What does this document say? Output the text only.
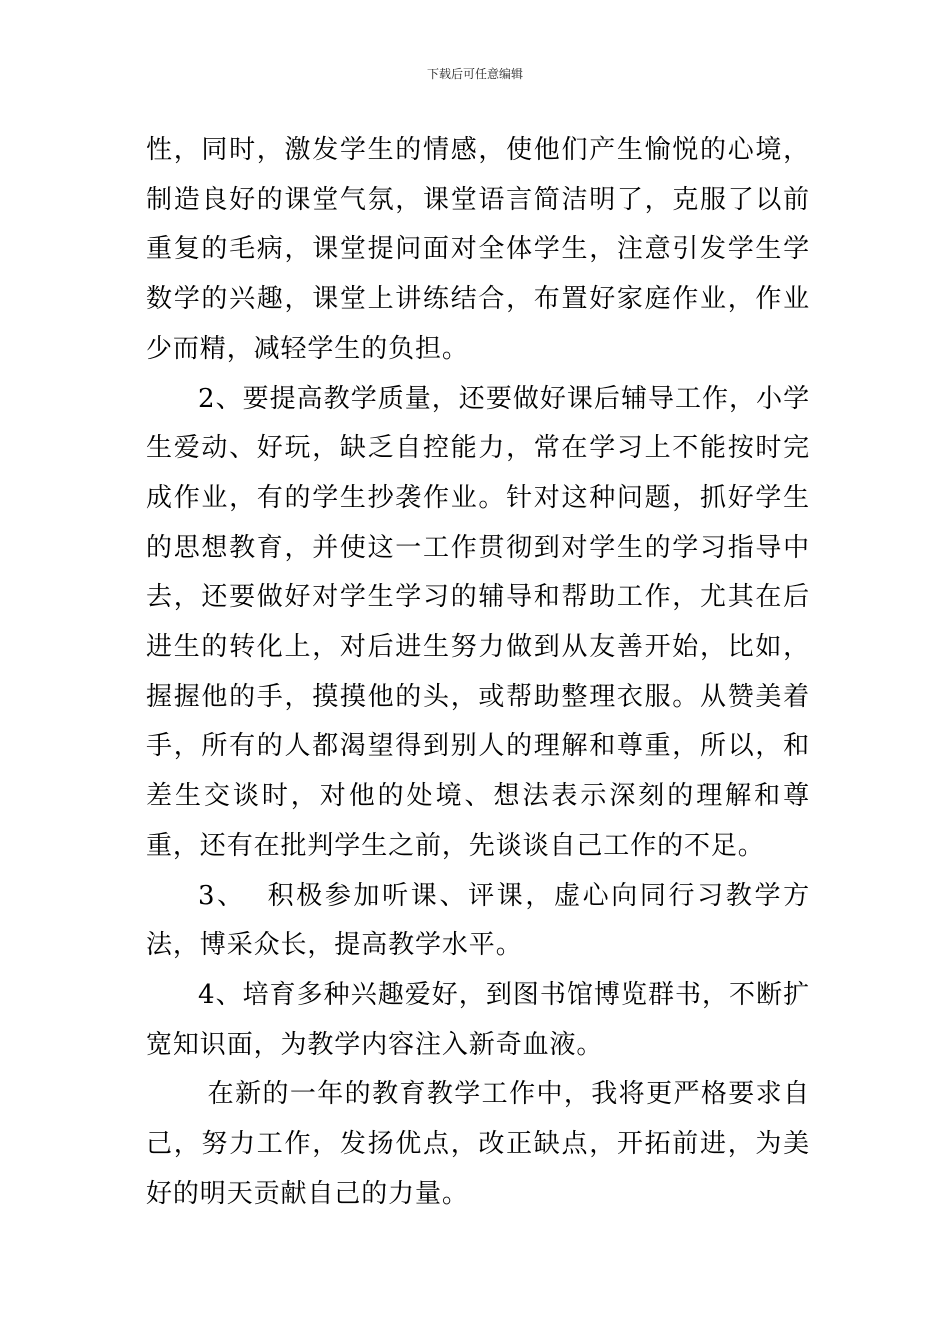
下载后可任意编辑

性，同时，激发学生的情感，使他们产生愉悦的心境，制造良好的课堂气氛，课堂语言简洁明了，克服了以前重复的毛病，课堂提问面对全体学生，注意引发学生学数学的兴趣，课堂上讲练结合，布置好家庭作业，作业少而精，减轻学生的负担。

2、要提高教学质量，还要做好课后辅导工作，小学生爱动、好玩，缺乏自控能力，常在学习上不能按时完成作业，有的学生抄袭作业。针对这种问题，抓好学生的思想教育，并使这一工作贯彻到对学生的学习指导中去，还要做好对学生学习的辅导和帮助工作，尤其在后进生的转化上，对后进生努力做到从友善开始，比如，握握他的手，摸摸他的头，或帮助整理衣服。从赞美着手，所有的人都渴望得到别人的理解和尊重，所以，和差生交谈时，对他的处境、想法表示深刻的理解和尊重，还有在批判学生之前，先谈谈自己工作的不足。

3、  积极参加听课、评课，虚心向同行习教学方法，博采众长，提高教学水平。

4、培育多种兴趣爱好，到图书馆博览群书，不断扩宽知识面，为教学内容注入新奇血液。

在新的一年的教育教学工作中，我将更严格要求自己，努力工作，发扬优点，改正缺点，开拓前进，为美好的明天贡献自己的力量。
